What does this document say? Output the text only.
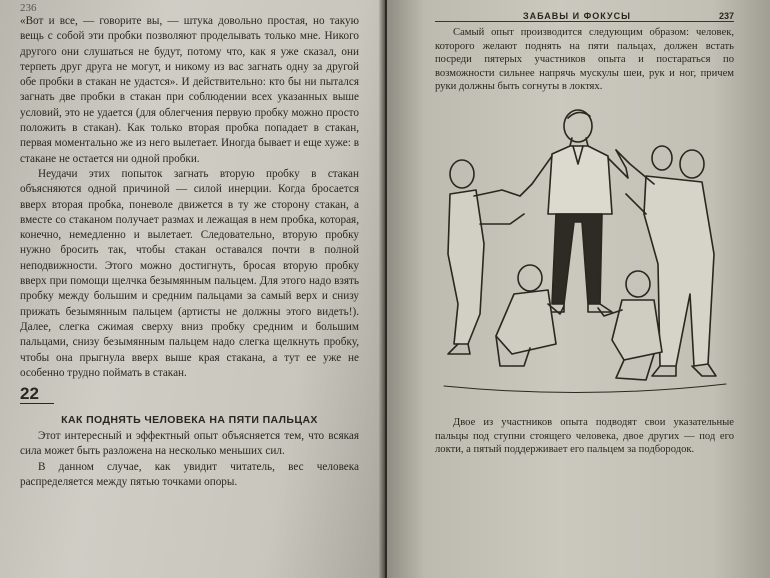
236

«Вот и все, — говорите вы, — штука довольно простая, но такую вещь с собой эти пробки позволяют проделывать только мне. Никого другого они слушаться не будут, потому что, как я уже сказал, они терпеть друг друга не могут, и никому из вас загнать одну за другой обе пробки в стакан не удастся». И действительно: кто бы ни пытался загнать две пробки в стакан при соблюдении всех указанных выше условий, это не удается (для облегчения первую пробку можно просто положить в стакан). Как только вторая пробка попадает в стакан, первая моментально же из него вылетает. Иногда бывает и еще хуже: в стакане не остается ни одной пробки.

Неудачи этих попыток загнать вторую пробку в стакан объясняются одной причиной — силой инерции. Когда бросается вверх вторая пробка, поневоле движется в ту же сторону стакан, а вместе со стаканом получает размах и лежащая в нем пробка, которая, конечно, немедленно и вылетает. Следовательно, вторую пробку нужно бросить так, чтобы стакан оставался почти в полной неподвижности. Этого можно достигнуть, бросая вторую пробку вверх при помощи щелчка безымянным пальцем. Для этого надо взять пробку между большим и средним пальцами за самый верх и снизу прижать безымянным пальцем (артисты не должны этого видеть!). Далее, слегка сжимая сверху вниз пробку средним и большим пальцами, снизу безымянным пальцем надо слегка щелкнуть пробку, чтобы она прыгнула вверх выше края стакана, а тут ее уже не особенно трудно поймать в стакан.

22
КАК ПОДНЯТЬ ЧЕЛОВЕКА НА ПЯТИ ПАЛЬЦАХ

Этот интересный и эффектный опыт объясняется тем, что всякая сила может быть разложена на несколько меньших сил.

В данном случае, как увидит читатель, вес человека распределяется между пятью точками опоры.

ЗАБАВЫ И ФОКУСЫ	237

Самый опыт производится следующим образом: человек, которого желают поднять на пяти пальцах, должен встать посреди пятерых участников опыта и постараться по возможности сильнее напрячь мускулы шеи, рук и ног, причем руки должны быть согнуты в локтях.

Двое из участников опыта подводят свои указательные пальцы под ступни стоящего человека, двое других — под его локти, а пятый поддерживает его пальцем за подбородок.
